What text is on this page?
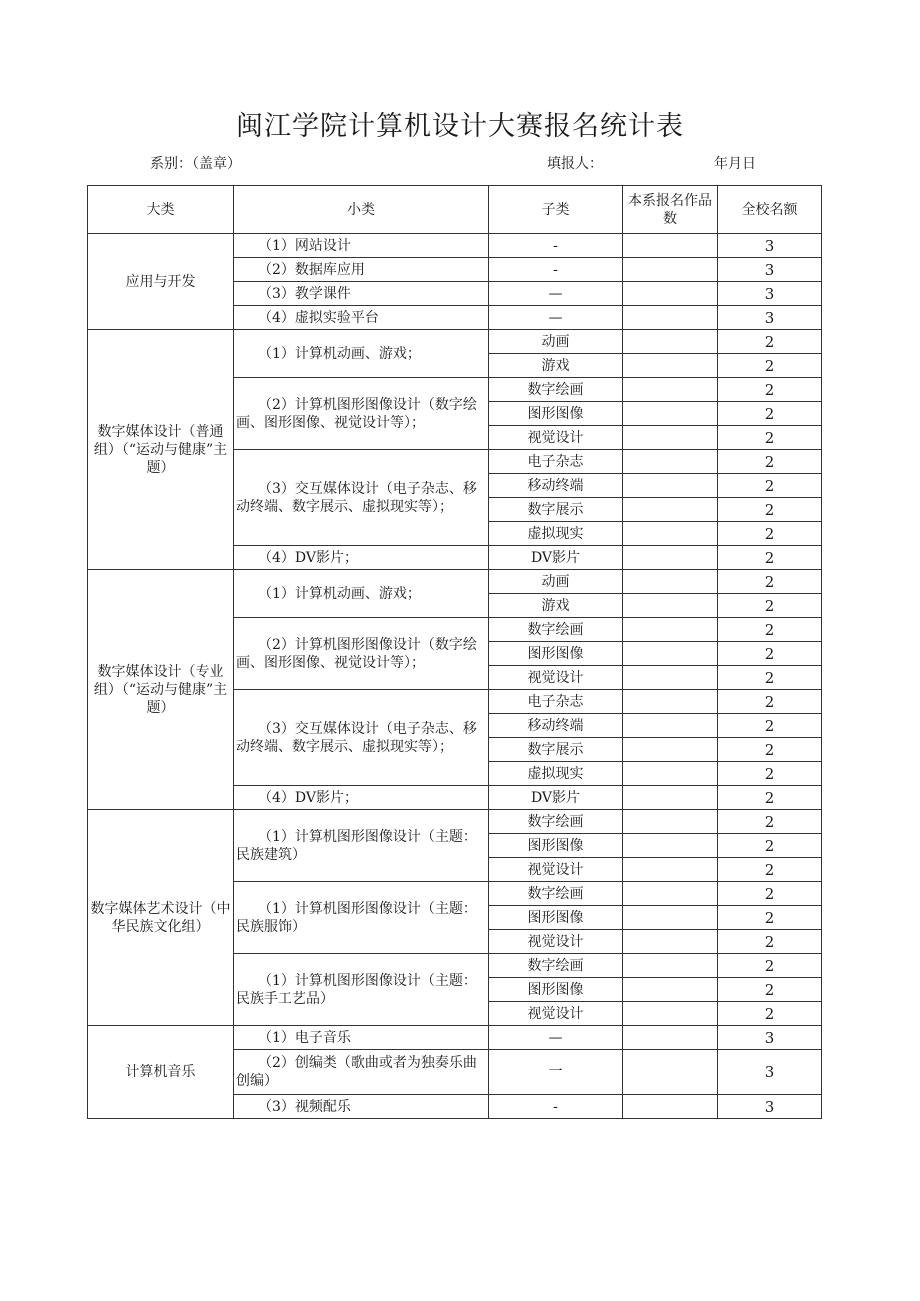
闽江学院计算机设计大赛报名统计表
系别：（盖章）	填报人：	年月日
大类	小类	子类	本系报名作品数	全校名额
应用与开发	（1）网站设计	-		3
	（2）数据库应用	-		3
	（3）教学课件	—		3
	（4）虚拟实验平台	—		3
数字媒体设计（普通组）（“运动与健康”主题）	（1）计算机动画、游戏；	动画		2
		游戏		2
	（2）计算机图形图像设计（数字绘画、图形图像、视觉设计等）；	数字绘画		2
		图形图像		2
		视觉设计		2
	（3）交互媒体设计（电子杂志、移动终端、数字展示、虚拟现实等）；	电子杂志		2
		移动终端		2
		数字展示		2
		虚拟现实		2
	（4）DV影片；	DV影片		2
数字媒体设计（专业组）（“运动与健康”主题）	（1）计算机动画、游戏；	动画		2
		游戏		2
	（2）计算机图形图像设计（数字绘画、图形图像、视觉设计等）；	数字绘画		2
		图形图像		2
		视觉设计		2
	（3）交互媒体设计（电子杂志、移动终端、数字展示、虚拟现实等）；	电子杂志		2
		移动终端		2
		数字展示		2
		虚拟现实		2
	（4）DV影片；	DV影片		2
数字媒体艺术设计（中华民族文化组）	（1）计算机图形图像设计（主题：民族建筑）	数字绘画		2
		图形图像		2
		视觉设计		2
	（1）计算机图形图像设计（主题：民族服饰）	数字绘画		2
		图形图像		2
		视觉设计		2
	（1）计算机图形图像设计（主题：民族手工艺品）	数字绘画		2
		图形图像		2
		视觉设计		2
计算机音乐	（1）电子音乐	—		3
	（2）创编类（歌曲或者为独奏乐曲创编）	一		3
	（3）视频配乐	-		3
